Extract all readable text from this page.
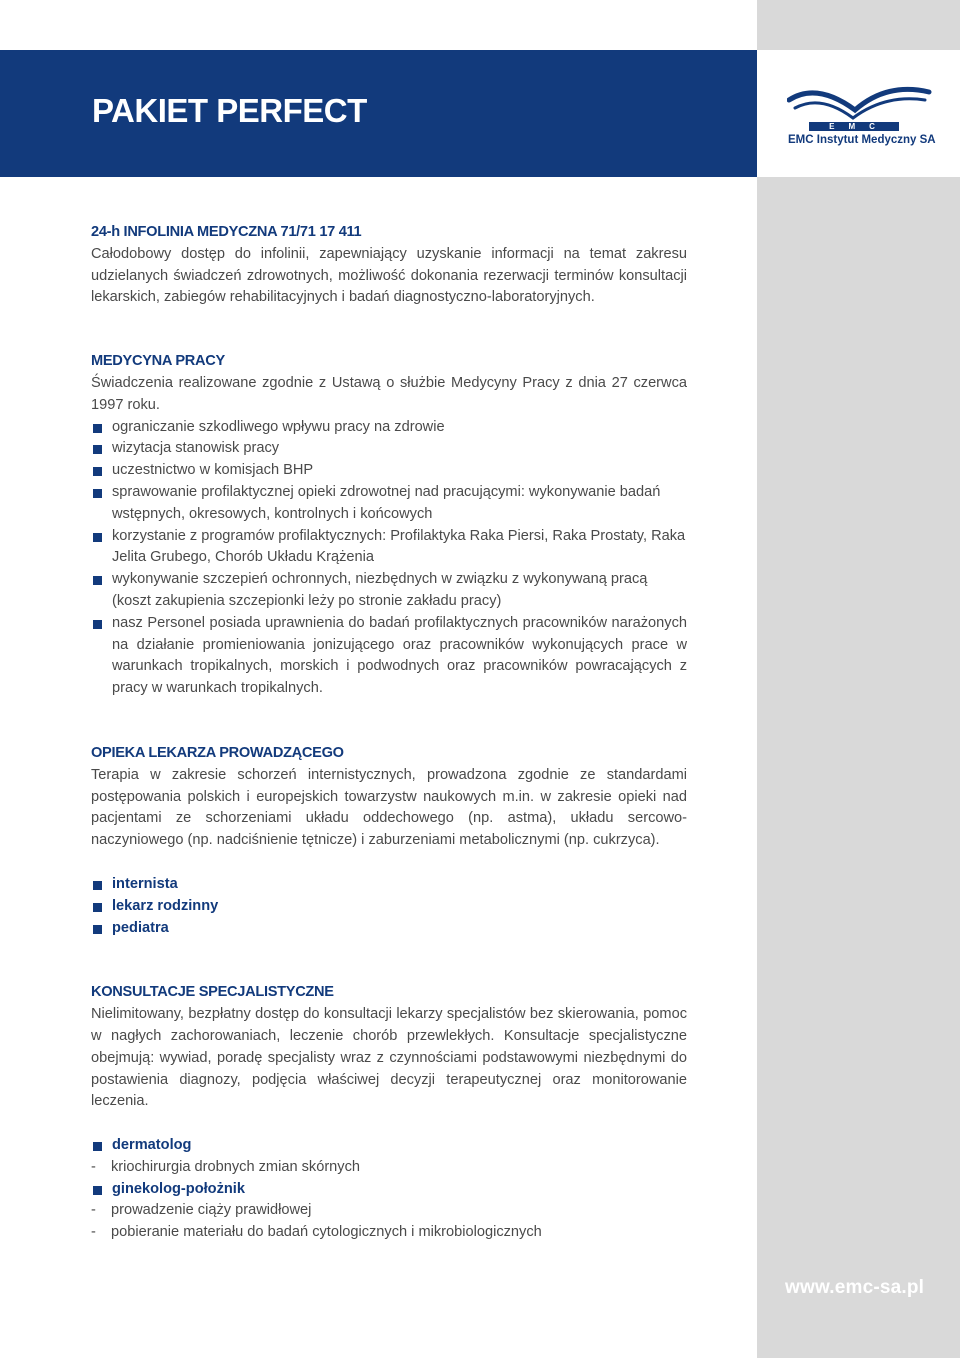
PAKIET PERFECT	EMC
EMC Instytut Medyczny SA
24-h INFOLINIA MEDYCZNA 71/71 17 411

Całodobowy dostęp do infolinii, zapewniający uzyskanie informacji na temat zakresu udzielanych świadczeń zdrowotnych, możliwość dokonania rezerwacji terminów konsultacji lekarskich, zabiegów rehabilitacyjnych i badań diagnostyczno-laboratoryjnych.

MEDYCYNA PRACY

Świadczenia realizowane zgodnie z Ustawą o służbie Medycyny Pracy z dnia 27 czerwca 1997 roku.

ograniczanie szkodliwego wpływu pracy na zdrowie
wizytacja stanowisk pracy
uczestnictwo w komisjach BHP
sprawowanie profilaktycznej opieki zdrowotnej nad pracującymi: wykonywanie badań wstępnych, okresowych, kontrolnych i końcowych
korzystanie z programów profilaktycznych: Profilaktyka Raka Piersi, Raka Prostaty, Raka Jelita Grubego, Chorób Układu Krążenia
wykonywanie szczepień ochronnych, niezbędnych w związku z wykonywaną pracą (koszt zakupienia szczepionki leży po stronie zakładu pracy)
nasz Personel posiada uprawnienia do badań profilaktycznych pracowników narażonych na działanie promieniowania jonizującego oraz pracowników wykonujących prace w warunkach tropikalnych, morskich i podwodnych oraz pracowników powracających z pracy w warunkach tropikalnych.
OPIEKA LEKARZA PROWADZĄCEGO

Terapia w zakresie schorzeń internistycznych, prowadzona zgodnie ze standardami postępowania polskich i europejskich towarzystw naukowych m.in. w zakresie opieki nad pacjentami ze schorzeniami układu oddechowego (np. astma), układu sercowo-naczyniowego (np. nadciśnienie tętnicze) i zaburzeniami metabolicznymi (np. cukrzyca).

internista
lekarz rodzinny
pediatra
KONSULTACJE SPECJALISTYCZNE

Nielimitowany, bezpłatny dostęp do konsultacji lekarzy specjalistów bez skierowania, pomoc w nagłych zachorowaniach, leczenie chorób przewlekłych. Konsultacje specjalistyczne obejmują: wywiad, poradę specjalisty wraz z czynnościami podstawowymi niezbędnymi do postawienia diagnozy, podjęcia właściwej decyzji terapeutycznej oraz monitorowanie leczenia.

dermatolog
- kriochirurgia drobnych zmian skórnych
ginekolog-położnik
- prowadzenie ciąży prawidłowej
- pobieranie materiału do badań cytologicznych i mikrobiologicznych
www.emc-sa.pl
